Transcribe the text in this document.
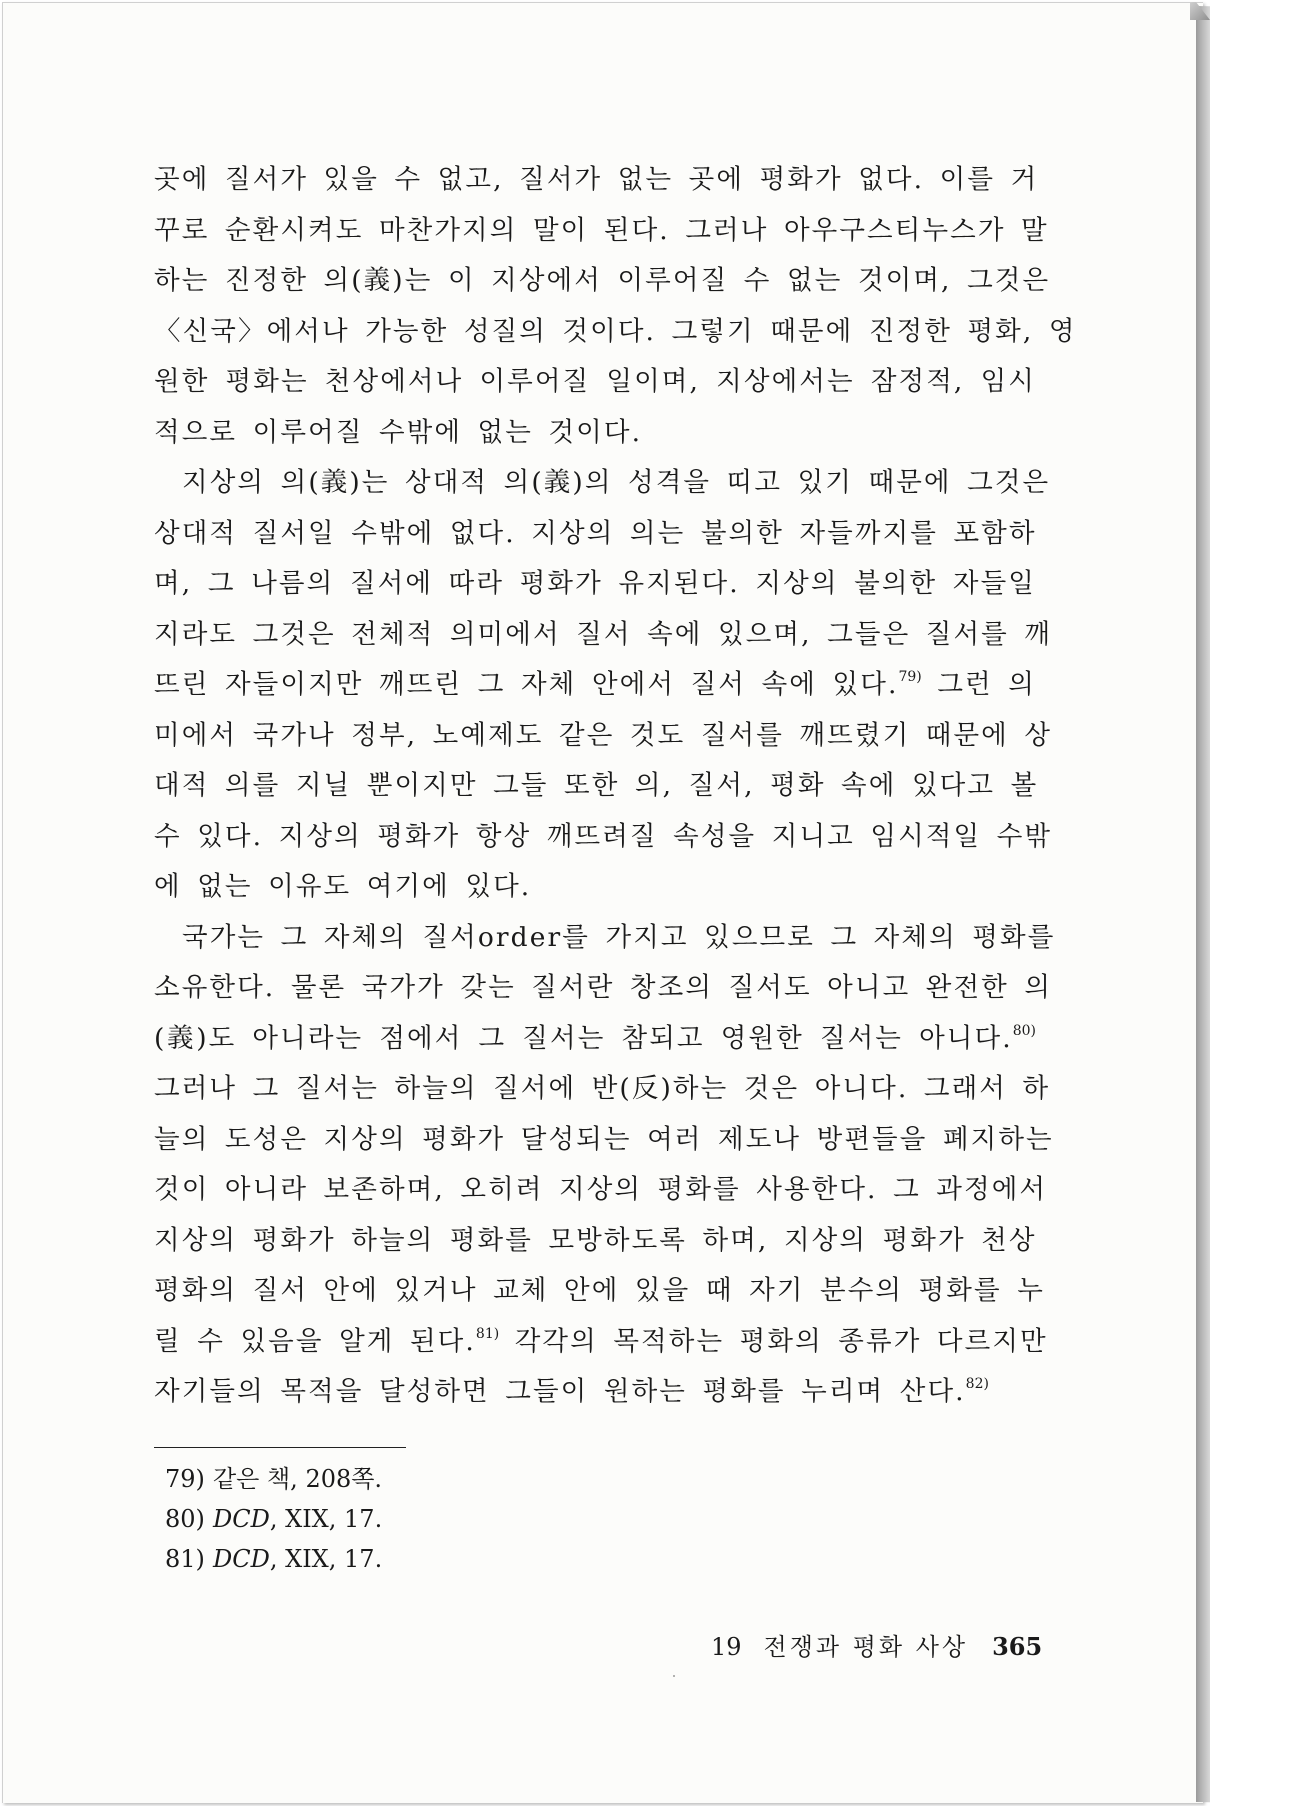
곳에 질서가 있을 수 없고, 질서가 없는 곳에 평화가 없다. 이를 거
꾸로 순환시켜도 마찬가지의 말이 된다. 그러나 아우구스티누스가 말
하는 진정한 의(義)는 이 지상에서 이루어질 수 없는 것이며, 그것은
〈신국〉에서나 가능한 성질의 것이다. 그렇기 때문에 진정한 평화, 영
원한 평화는 천상에서나 이루어질 일이며, 지상에서는 잠정적, 임시
적으로 이루어질 수밖에 없는 것이다.
지상의 의(義)는 상대적 의(義)의 성격을 띠고 있기 때문에 그것은
상대적 질서일 수밖에 없다. 지상의 의는 불의한 자들까지를 포함하
며, 그 나름의 질서에 따라 평화가 유지된다. 지상의 불의한 자들일
지라도 그것은 전체적 의미에서 질서 속에 있으며, 그들은 질서를 깨
뜨린 자들이지만 깨뜨린 그 자체 안에서 질서 속에 있다.$^{79)}$ 그런 의
미에서 국가나 정부, 노예제도 같은 것도 질서를 깨뜨렸기 때문에 상
대적 의를 지닐 뿐이지만 그들 또한 의, 질서, 평화 속에 있다고 볼
수 있다. 지상의 평화가 항상 깨뜨려질 속성을 지니고 임시적일 수밖
에 없는 이유도 여기에 있다.
국가는 그 자체의 질서order를 가지고 있으므로 그 자체의 평화를
소유한다. 물론 국가가 갖는 질서란 창조의 질서도 아니고 완전한 의
(義)도 아니라는 점에서 그 질서는 참되고 영원한 질서는 아니다.$^{80)}$
그러나 그 질서는 하늘의 질서에 반(反)하는 것은 아니다. 그래서 하
늘의 도성은 지상의 평화가 달성되는 여러 제도나 방편들을 폐지하는
것이 아니라 보존하며, 오히려 지상의 평화를 사용한다. 그 과정에서
지상의 평화가 하늘의 평화를 모방하도록 하며, 지상의 평화가 천상
평화의 질서 안에 있거나 교체 안에 있을 때 자기 분수의 평화를 누
릴 수 있음을 알게 된다.$^{81)}$ 각각의 목적하는 평화의 종류가 다르지만
자기들의 목적을 달성하면 그들이 원하는 평화를 누리며 산다.$^{82)}$
79) 같은 책, 208쪽.
80) DCD, XIX, 17.
81) DCD, XIX, 17.
19 전쟁과 평화 사상 365
